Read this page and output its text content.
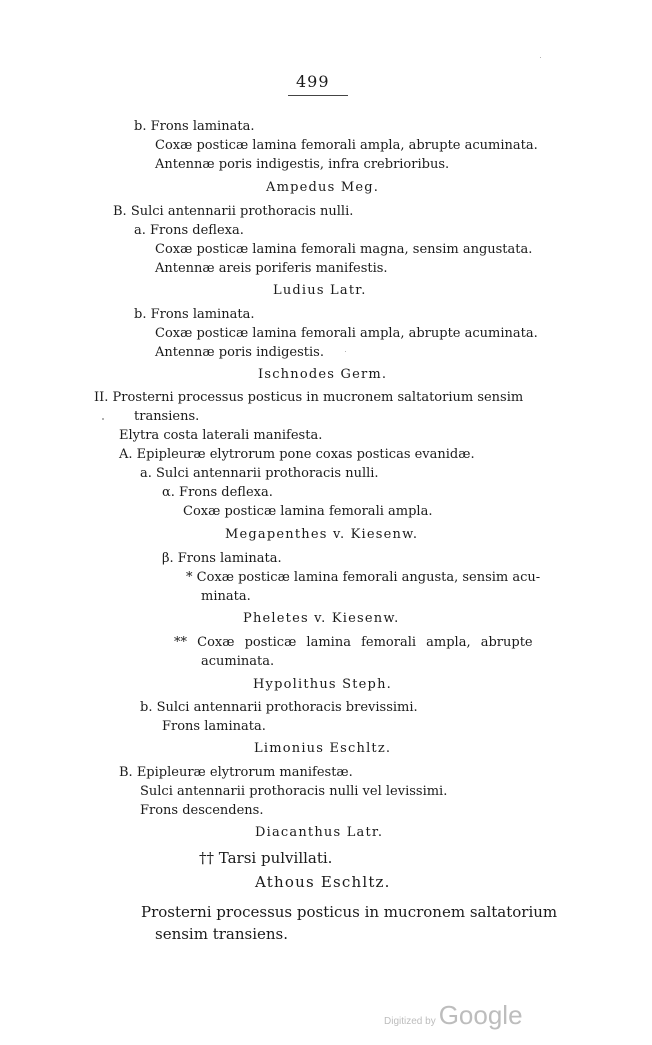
499
b. Frons laminata.
Coxæ posticæ lamina femorali ampla, abrupte acuminata.
Antennæ poris indigestis, infra crebrioribus.
Ampedus Meg.
B. Sulci antennarii prothoracis nulli.
a. Frons deflexa.
Coxæ posticæ lamina femorali magna, sensim angustata.
Antennæ areis poriferis manifestis.
Ludius Latr.
b. Frons laminata.
Coxæ posticæ lamina femorali ampla, abrupte acuminata.
Antennæ poris indigestis.
Ischnodes Germ.
II. Prosterni processus posticus in mucronem saltatorium sensim
transiens.
Elytra costa laterali manifesta.
A. Epipleuræ elytrorum pone coxas posticas evanidæ.
a. Sulci antennarii prothoracis nulli.
α. Frons deflexa.
Coxæ posticæ lamina femorali ampla.
Megapenthes v. Kiesenw.
β. Frons laminata.
* Coxæ posticæ lamina femorali angusta, sensim acu-
minata.
Pheletes v. Kiesenw.
** Coxæ posticæ lamina femorali ampla, abrupte
acuminata.
Hypolithus Steph.
b. Sulci antennarii prothoracis brevissimi.
Frons laminata.
Limonius Eschltz.
B. Epipleuræ elytrorum manifestæ.
Sulci antennarii prothoracis nulli vel levissimi.
Frons descendens.
Diacanthus Latr.
†† Tarsi pulvillati.
Athous Eschltz.
Prosterni processus posticus in mucronem saltatorium
sensim transiens.
Digitized by Google
